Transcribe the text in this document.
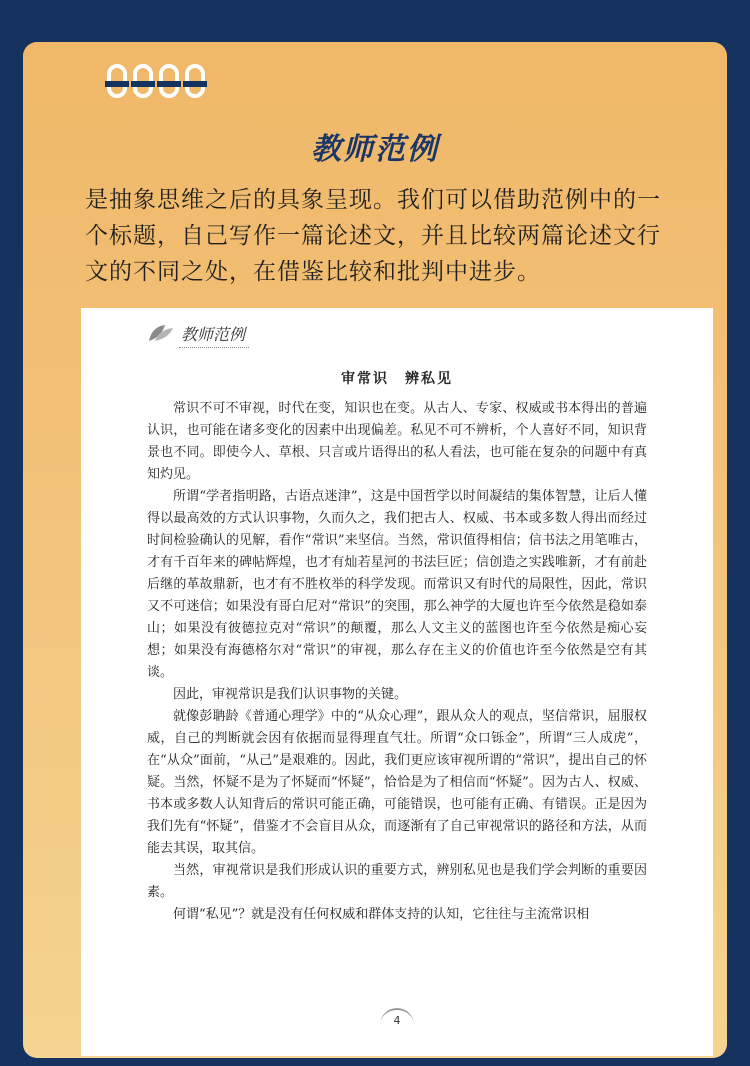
教师范例
是抽象思维之后的具象呈现。我们可以借助范例中的一个标题，自己写作一篇论述文，并且比较两篇论述文行文的不同之处，在借鉴比较和批判中进步。
教师范例
审常识　辨私见

常识不可不审视，时代在变，知识也在变。从古人、专家、权威或书本得出的普遍认识，也可能在诸多变化的因素中出现偏差。私见不可不辨析，个人喜好不同，知识背景也不同。即使今人、草根、只言或片语得出的私人看法，也可能在复杂的问题中有真知灼见。

所谓“学者指明路，古语点迷津”，这是中国哲学以时间凝结的集体智慧，让后人懂得以最高效的方式认识事物，久而久之，我们把古人、权威、书本或多数人得出而经过时间检验确认的见解，看作“常识”来坚信。当然，常识值得相信；信书法之用笔唯古，才有千百年来的碑帖辉煌，也才有灿若星河的书法巨匠；信创造之实践唯新，才有前赴后继的革故鼎新，也才有不胜枚举的科学发现。而常识又有时代的局限性，因此，常识又不可迷信；如果没有哥白尼对“常识”的突围，那么神学的大厦也许至今依然是稳如泰山；如果没有彼德拉克对“常识”的颠覆，那么人文主义的蓝图也许至今依然是痴心妄想；如果没有海德格尔对“常识”的审视，那么存在主义的价值也许至今依然是空有其谈。

因此，审视常识是我们认识事物的关键。

就像彭聃龄《普通心理学》中的“从众心理”，跟从众人的观点，坚信常识，屈服权威，自己的判断就会因有依据而显得理直气壮。所谓“众口铄金”，所谓“三人成虎”，在“从众”面前，“从己”是艰难的。因此，我们更应该审视所谓的“常识”，提出自己的怀疑。当然，怀疑不是为了怀疑而“怀疑”，恰恰是为了相信而“怀疑”。因为古人、权威、书本或多数人认知背后的常识可能正确，可能错误，也可能有正确、有错误。正是因为我们先有“怀疑”，借鉴才不会盲目从众，而逐渐有了自己审视常识的路径和方法，从而能去其误，取其信。

当然，审视常识是我们形成认识的重要方式，辨别私见也是我们学会判断的重要因素。

何谓“私见”？就是没有任何权威和群体支持的认知，它往往与主流常识相

4
